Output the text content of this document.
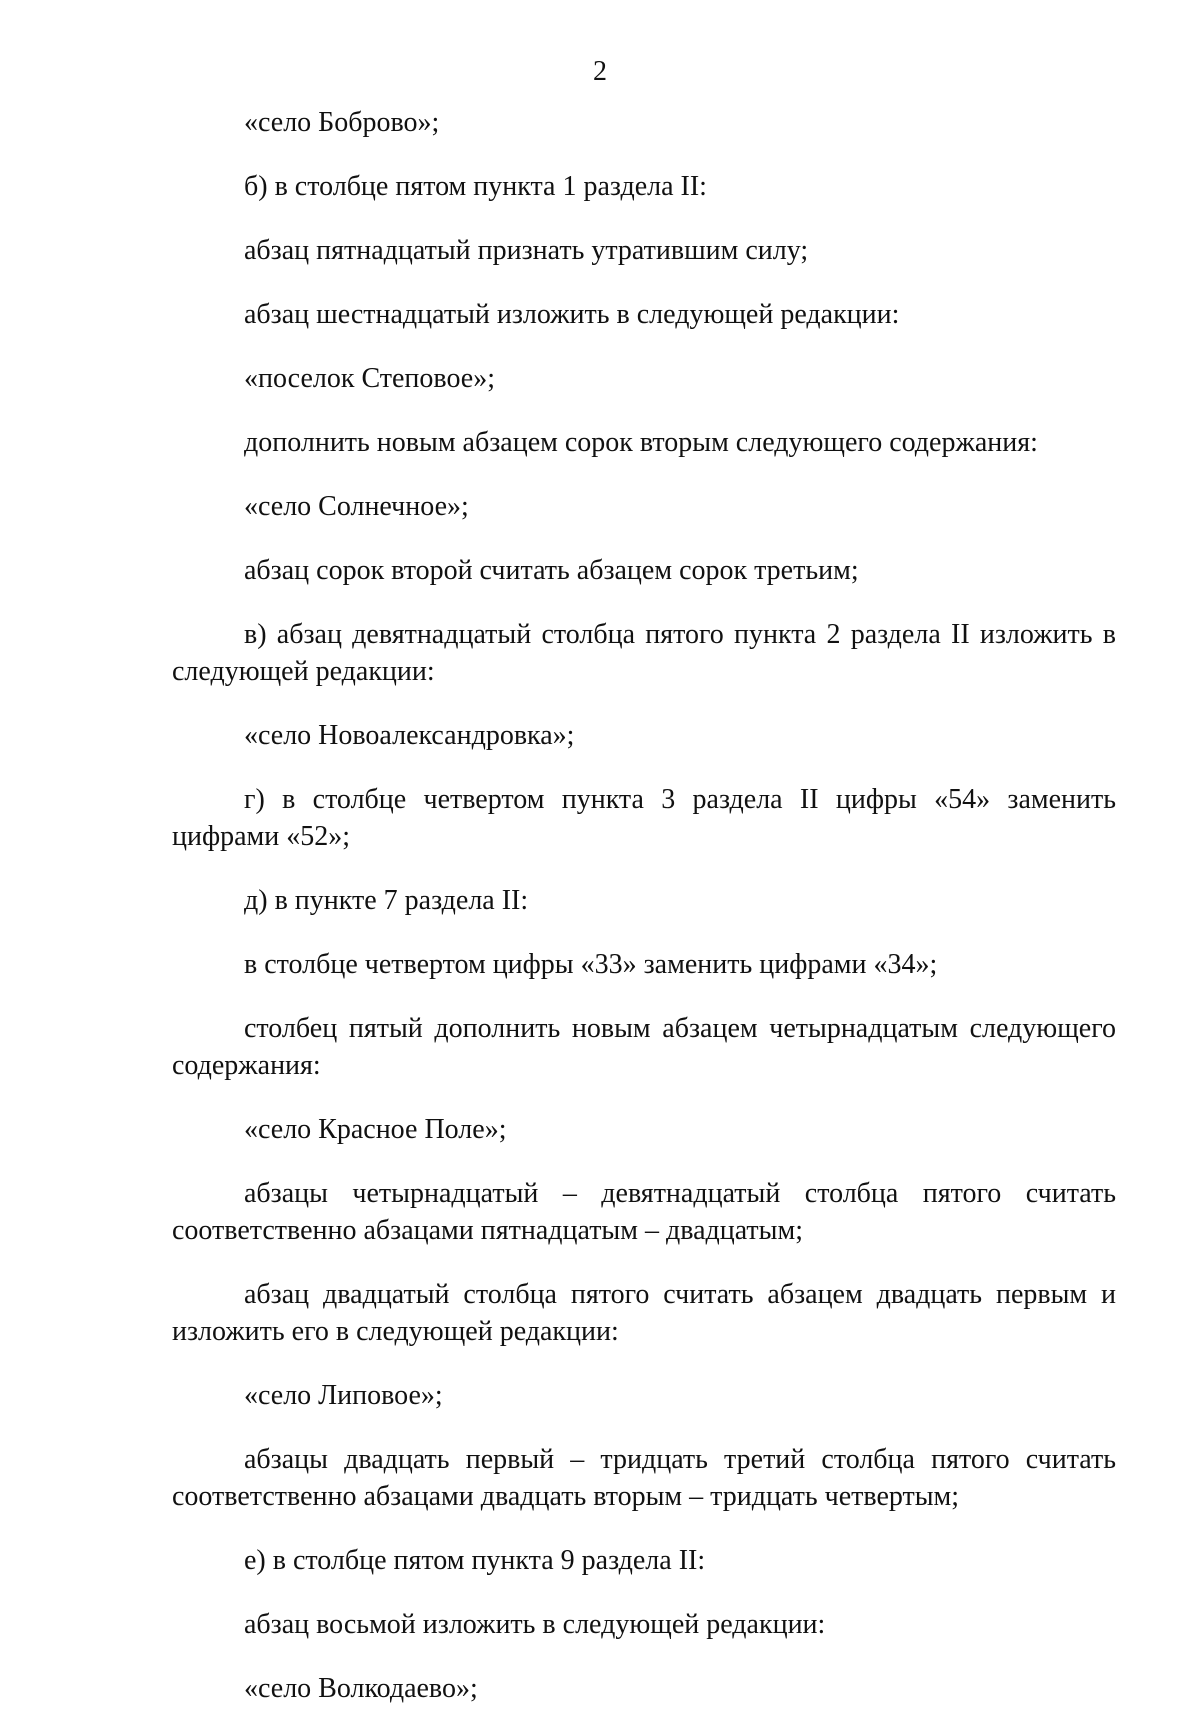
2

«село Боброво»;

б) в столбце пятом пункта 1 раздела II:

абзац пятнадцатый признать утратившим силу;

абзац шестнадцатый изложить в следующей редакции:

«поселок Степовое»;

дополнить новым абзацем сорок вторым следующего содержания:

«село Солнечное»;

абзац сорок второй считать абзацем сорок третьим;

в) абзац девятнадцатый столбца пятого пункта 2 раздела II изложить в следующей редакции:

«село Новоалександровка»;

г) в столбце четвертом пункта 3 раздела II цифры «54» заменить цифрами «52»;

д) в пункте 7 раздела II:

в столбце четвертом цифры «33» заменить цифрами «34»;

столбец пятый дополнить новым абзацем четырнадцатым следующего содержания:

«село Красное Поле»;

абзацы четырнадцатый – девятнадцатый столбца пятого считать соответственно абзацами пятнадцатым – двадцатым;

абзац двадцатый столбца пятого считать абзацем двадцать первым и изложить его в следующей редакции:

«село Липовое»;

абзацы двадцать первый – тридцать третий столбца пятого считать соответственно абзацами двадцать вторым – тридцать четвертым;

е) в столбце пятом пункта 9 раздела II:

абзац восьмой изложить в следующей редакции:

«село Волкодаево»;
